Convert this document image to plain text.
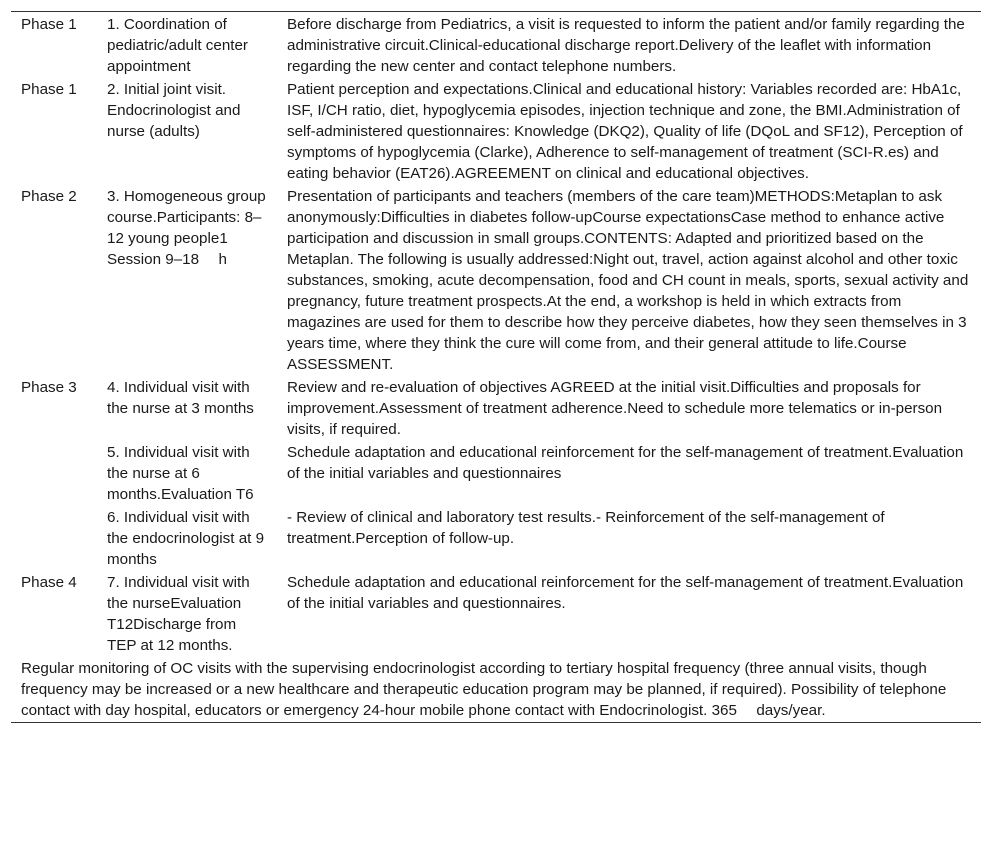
Phase 1	1. Coordination of pediatric/adult center appointment	Before discharge from Pediatrics, a visit is requested to inform the patient and/or family regarding the administrative circuit.Clinical-educational discharge report.Delivery of the leaflet with information regarding the new center and contact telephone numbers.
Phase 1	2. Initial joint visit. Endocrinologist and nurse (adults)	Patient perception and expectations.Clinical and educational history: Variables recorded are: HbA1c, ISF, I/CH ratio, diet, hypoglycemia episodes, injection technique and zone, the BMI.Administration of self-administered questionnaires: Knowledge (DKQ2), Quality of life (DQoL and SF12), Perception of symptoms of hypoglycemia (Clarke), Adherence to self-management of treatment (SCI-R.es) and eating behavior (EAT26).AGREEMENT on clinical and educational objectives.
Phase 2	3. Homogeneous group course.Participants: 8–12 young people1 Session 9–18  h	Presentation of participants and teachers (members of the care team)METHODS:Metaplan to ask anonymously:Difficulties in diabetes follow-upCourse expectationsCase method to enhance active participation and discussion in small groups.CONTENTS: Adapted and prioritized based on the Metaplan. The following is usually addressed:Night out, travel, action against alcohol and other toxic substances, smoking, acute decompensation, food and CH count in meals, sports, sexual activity and pregnancy, future treatment prospects.At the end, a workshop is held in which extracts from magazines are used for them to describe how they perceive diabetes, how they seen themselves in 3 years time, where they think the cure will come from, and their general attitude to life.Course ASSESSMENT.
Phase 3	4. Individual visit with the nurse at 3 months	Review and re-evaluation of objectives AGREED at the initial visit.Difficulties and proposals for improvement.Assessment of treatment adherence.Need to schedule more telematics or in-person visits, if required.
	5. Individual visit with the nurse at 6 months.Evaluation T6	Schedule adaptation and educational reinforcement for the self-management of treatment.Evaluation of the initial variables and questionnaires
	6. Individual visit with the endocrinologist at 9 months	- Review of clinical and laboratory test results.- Reinforcement of the self-management of treatment.Perception of follow-up.
Phase 4	7. Individual visit with the nurseEvaluation T12Discharge from TEP at 12 months.	Schedule adaptation and educational reinforcement for the self-management of treatment.Evaluation of the initial variables and questionnaires.
Regular monitoring of OC visits with the supervising endocrinologist according to tertiary hospital frequency (three annual visits, though frequency may be increased or a new healthcare and therapeutic education program may be planned, if required). Possibility of telephone contact with day hospital, educators or emergency 24-hour mobile phone contact with Endocrinologist. 365  days/year.		
